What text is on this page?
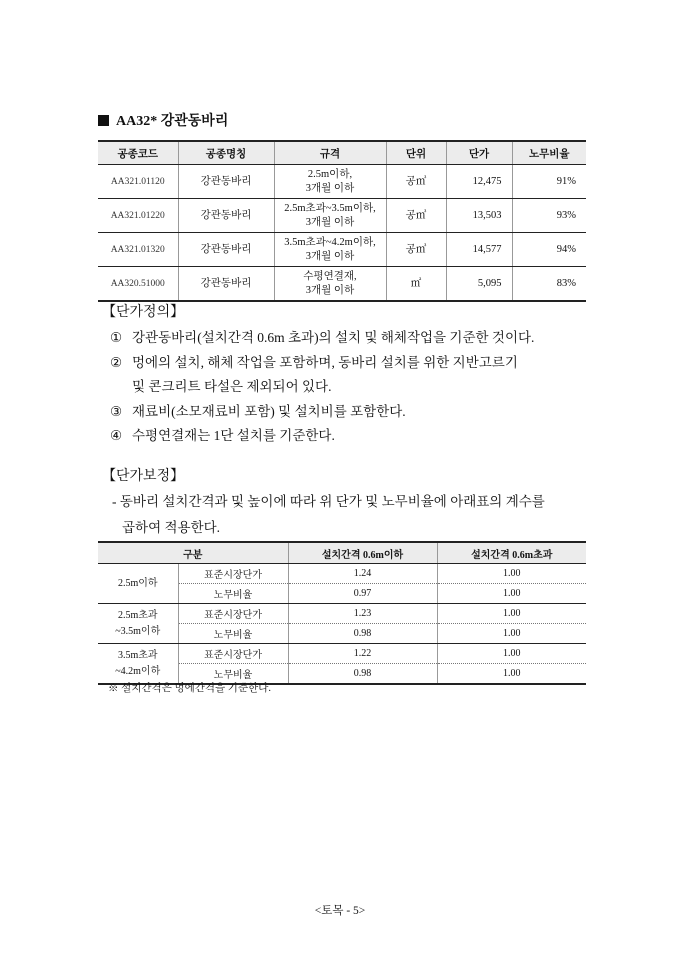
AA32* 강관동바리
공종코드	공종명칭	규격	단위	단가	노무비율
AA321.01120	강관동바리	2.5m이하,
3개월 이하	공㎥	12,475	91%
AA321.01220	강관동바리	2.5m초과~3.5m이하,
3개월 이하	공㎥	13,503	93%
AA321.01320	강관동바리	3.5m초과~4.2m이하,
3개월 이하	공㎥	14,577	94%
AA320.51000	강관동바리	수평연결재,
3개월 이하	㎡	5,095	83%
【단가정의】
① 강관동바리(설치간격 0.6m 초과)의 설치 및 해체작업을 기준한 것이다.
② 멍에의 설치, 해체 작업을 포함하며, 동바리 설치를 위한 지반고르기
및 콘크리트 타설은 제외되어 있다.
③ 재료비(소모재료비 포함) 및 설치비를 포함한다.
④ 수평연결재는 1단 설치를 기준한다.
【단가보정】
- 동바리 설치간격과 및 높이에 따라 위 단가 및 노무비율에 아래표의 계수를
곱하여 적용한다.
구분		설치간격 0.6m이하	설치간격 0.6m초과
2.5m이하	표준시장단가	1.24	1.00
	노무비율	0.97	1.00
2.5m초과
~3.5m이하	표준시장단가	1.23	1.00
	노무비율	0.98	1.00
3.5m초과
~4.2m이하	표준시장단가	1.22	1.00
	노무비율	0.98	1.00
※ 설치간격은 멍에간격을 기준한다.
<토목 - 5>
